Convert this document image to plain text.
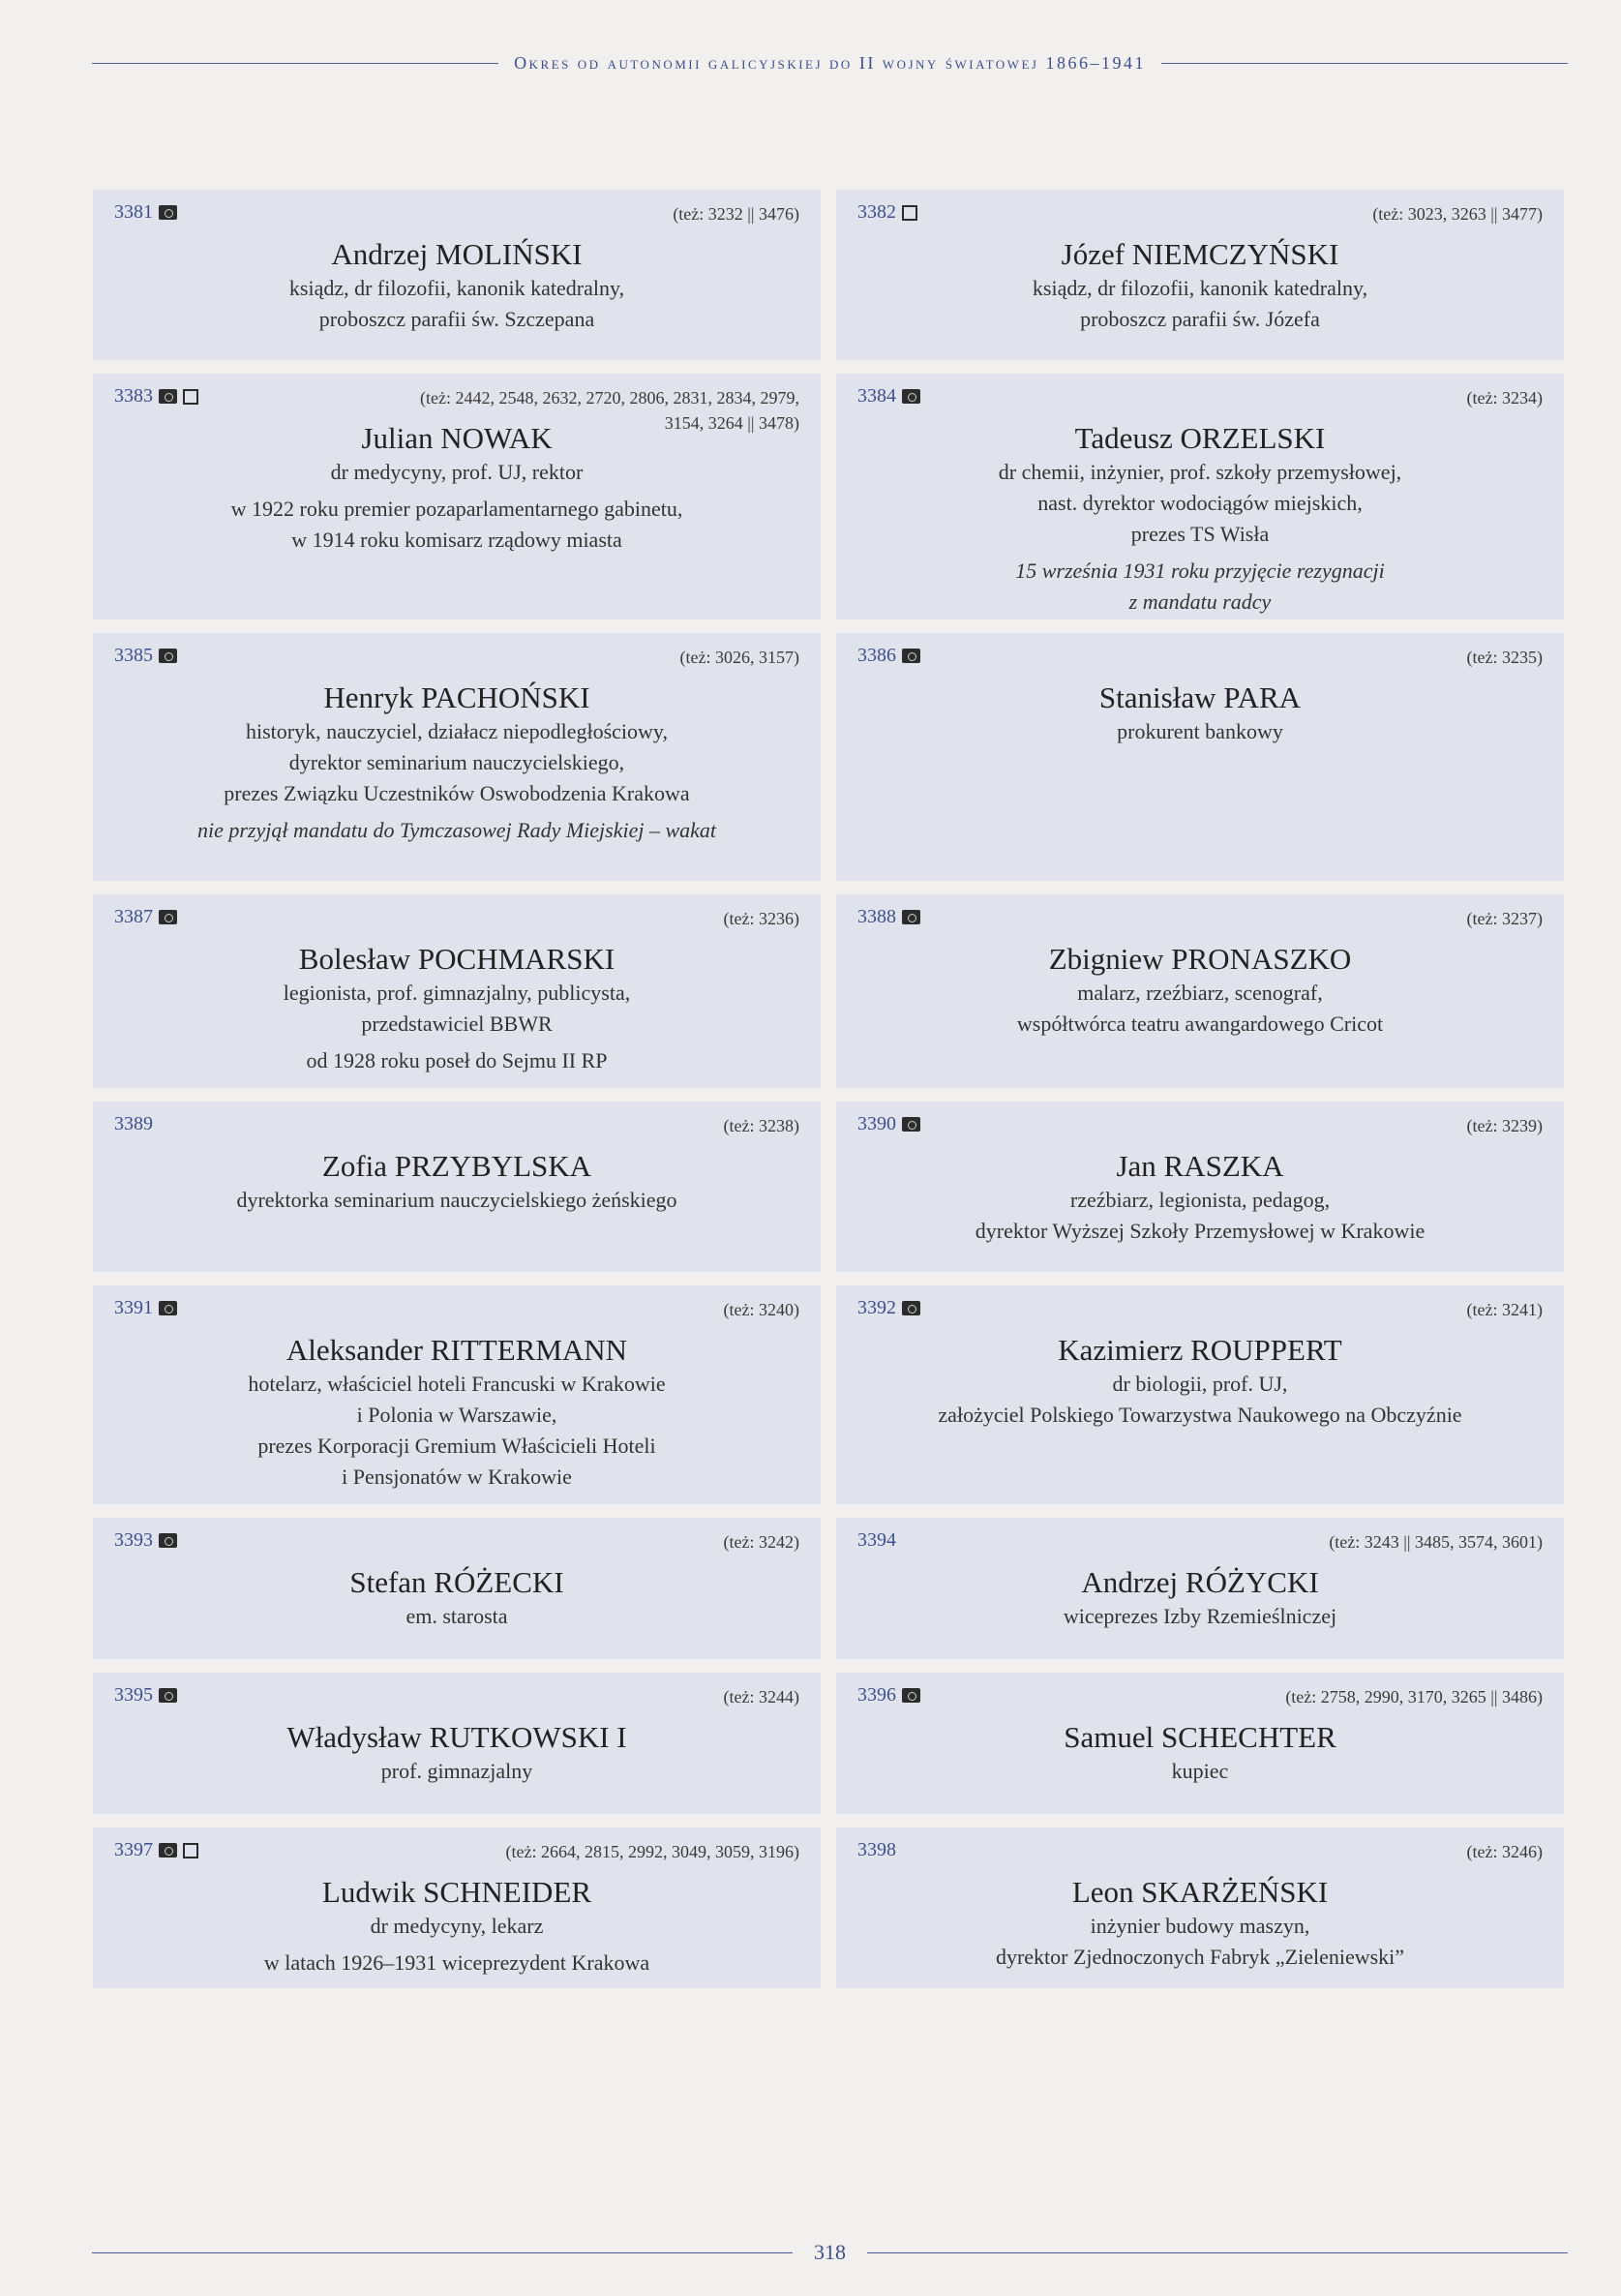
Okres od autonomii galicyjskiej do II wojny światowej 1866–1941
3381	(też: 3232 || 3476)
Andrzej MOLIŃSKI
ksiądz, dr filozofii, kanonik katedralny,
proboszcz parafii św. Szczepana
3382	(też: 3023, 3263 || 3477)
Józef NIEMCZYŃSKI
ksiądz, dr filozofii, kanonik katedralny,
proboszcz parafii św. Józefa
3383	(też: 2442, 2548, 2632, 2720, 2806, 2831, 2834, 2979, 3154, 3264 || 3478)
Julian NOWAK
dr medycyny, prof. UJ, rektor
w 1922 roku premier pozaparlamentarnego gabinetu,
w 1914 roku komisarz rządowy miasta
3384	(też: 3234)
Tadeusz ORZELSKI
dr chemii, inżynier, prof. szkoły przemysłowej,
nast. dyrektor wodociągów miejskich,
prezes TS Wisła
15 września 1931 roku przyjęcie rezygnacji
z mandatu radcy
3385	(też: 3026, 3157)
Henryk PACHOŃSKI
historyk, nauczyciel, działacz niepodległościowy,
dyrektor seminarium nauczycielskiego,
prezes Związku Uczestników Oswobodzenia Krakowa
nie przyjął mandatu do Tymczasowej Rady Miejskiej – wakat
3386	(też: 3235)
Stanisław PARA
prokurent bankowy
3387	(też: 3236)
Bolesław POCHMARSKI
legionista, prof. gimnazjalny, publicysta,
przedstawiciel BBWR
od 1928 roku poseł do Sejmu II RP
3388	(też: 3237)
Zbigniew PRONASZKO
malarz, rzeźbiarz, scenograf,
współtwórca teatru awangardowego Cricot
3389	(też: 3238)
Zofia PRZYBYLSKA
dyrektorka seminarium nauczycielskiego żeńskiego
3390	(też: 3239)
Jan RASZKA
rzeźbiarz, legionista, pedagog,
dyrektor Wyższej Szkoły Przemysłowej w Krakowie
3391	(też: 3240)
Aleksander RITTERMANN
hotelarz, właściciel hoteli Francuski w Krakowie
i Polonia w Warszawie,
prezes Korporacji Gremium Właścicieli Hoteli
i Pensjonatów w Krakowie
3392	(też: 3241)
Kazimierz ROUPPERT
dr biologii, prof. UJ,
założyciel Polskiego Towarzystwa Naukowego na Obczyźnie
3393	(też: 3242)
Stefan RÓŻECKI
em. starosta
3394	(też: 3243 || 3485, 3574, 3601)
Andrzej RÓŻYCKI
wiceprezes Izby Rzemieślniczej
3395	(też: 3244)
Władysław RUTKOWSKI I
prof. gimnazjalny
3396	(też: 2758, 2990, 3170, 3265 || 3486)
Samuel SCHECHTER
kupiec
3397	(też: 2664, 2815, 2992, 3049, 3059, 3196)
Ludwik SCHNEIDER
dr medycyny, lekarz
w latach 1926–1931 wiceprezydent Krakowa
3398	(też: 3246)
Leon SKARŻEŃSKI
inżynier budowy maszyn,
dyrektor Zjednoczonych Fabryk „Zieleniewski”
318
